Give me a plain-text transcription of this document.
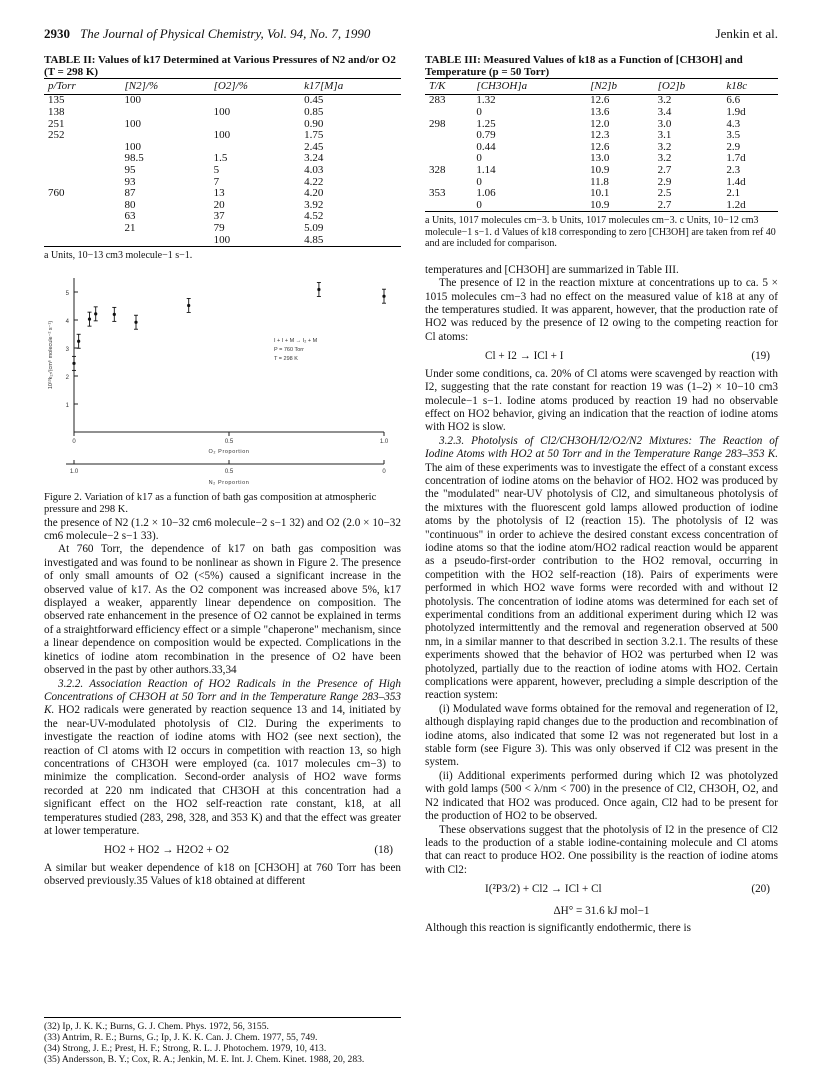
2930 The Journal of Physical Chemistry, Vol. 94, No. 7, 1990	Jenkin et al.
TABLE II: Values of k17 Determined at Various Pressures of N2 and/or O2 (T = 298 K)
p/Torr	[N2]/%	[O2]/%	k17[M]a
135	100		0.45
138		100	0.85
251	100		0.90
252		100	1.75
	100		2.45
	98.5	1.5	3.24
	95	5	4.03
	93	7	4.22
760	87	13	4.20
	80	20	3.92
	63	37	4.52
	21	79	5.09
		100	4.85
a Units, 10−13 cm3 molecule−1 s−1.
5
4
3
2
1
10¹³k₁₇/(cm⁶ molecule⁻² s⁻¹)
0	0.5	1.0
O₂ Proportion
1.0	0.5	0
N₂ Proportion
I + I + M → I₂ + M
P = 760 Torr
T = 298 K
Figure 2. Variation of k17 as a function of bath gas composition at atmospheric pressure and 298 K.

the presence of N2 (1.2 × 10−32 cm6 molecule−2 s−1 32) and O2 (2.0 × 10−32 cm6 molecule−2 s−1 33).

At 760 Torr, the dependence of k17 on bath gas composition was investigated and was found to be nonlinear as shown in Figure 2. The presence of only small amounts of O2 (<5%) caused a significant increase in the observed value of k17. As the O2 component was increased above 5%, k17 displayed a weaker, apparently linear dependence on composition. The observed rate enhancement in the presence of O2 cannot be explained in terms of a straightforward efficiency effect or a simple "chaperone" mechanism, since a linear dependence on composition would be expected. Complications in the kinetics of iodine atom recombination in the presence of O2 have been observed in the past by other authors.33,34

3.2.2. Association Reaction of HO2 Radicals in the Presence of High Concentrations of CH3OH at 50 Torr and in the Temperature Range 283–353 K. HO2 radicals were generated by reaction sequence 13 and 14, initiated by the near-UV-modulated photolysis of Cl2. During the experiments to investigate the reaction of iodine atoms with HO2 (see next section), the reaction of Cl atoms with I2 occurs in competition with reaction 13, so high concentrations of CH3OH were employed (ca. 1017 molecules cm−3) to minimize the complication. Second-order analysis of HO2 wave forms recorded at 220 nm indicated that CH3OH at this concentration had a significant effect on the HO2 self-reaction rate constant, k18, at all temperatures studied (283, 298, 328, and 353 K) and that the effect was greater at lower temperature.

HO2 + HO2 → H2O2 + O2	(18)

A similar but weaker dependence of k18 on [CH3OH] at 760 Torr has been observed previously.35 Values of k18 obtained at different

(32) Ip, J. K. K.; Burns, G. J. Chem. Phys. 1972, 56, 3155.
(33) Antrim, R. E.; Burns, G.; Ip, J. K. K. Can. J. Chem. 1977, 55, 749.
(34) Strong, J. E.; Prest, H. F.; Strong, R. L. J. Photochem. 1979, 10, 413.
(35) Andersson, B. Y.; Cox, R. A.; Jenkin, M. E. Int. J. Chem. Kinet. 1988, 20, 283.
TABLE III: Measured Values of k18 as a Function of [CH3OH] and Temperature (p = 50 Torr)
T/K	[CH3OH]a	[N2]b	[O2]b	k18c
283	1.32	12.6	3.2	6.6
	0	13.6	3.4	1.9d
298	1.25	12.0	3.0	4.3
	0.79	12.3	3.1	3.5
	0.44	12.6	3.2	2.9
	0	13.0	3.2	1.7d
328	1.14	10.9	2.7	2.3
	0	11.8	2.9	1.4d
353	1.06	10.1	2.5	2.1
	0	10.9	2.7	1.2d
a Units, 1017 molecules cm−3. b Units, 1017 molecules cm−3. c Units, 10−12 cm3 molecule−1 s−1. d Values of k18 corresponding to zero [CH3OH] are taken from ref 40 and are included for comparison.

temperatures and [CH3OH] are summarized in Table III.

The presence of I2 in the reaction mixture at concentrations up to ca. 5 × 1015 molecules cm−3 had no effect on the measured value of k18 at any of the temperatures studied. It was apparent, however, that the production rate of HO2 was reduced by the presence of I2 owing to the competing reaction for Cl atoms:

Cl + I2 → ICl + I	(19)

Under some conditions, ca. 20% of Cl atoms were scavenged by reaction with I2, suggesting that the rate constant for reaction 19 was (1–2) × 10−10 cm3 molecule−1 s−1. Iodine atoms produced by reaction 19 had no observable effect on HO2 behavior, giving an indication that the reaction of iodine atoms with HO2 is slow.

3.2.3. Photolysis of Cl2/CH3OH/I2/O2/N2 Mixtures: The Reaction of Iodine Atoms with HO2 at 50 Torr and in the Temperature Range 283–353 K. The aim of these experiments was to investigate the effect of a constant excess concentration of iodine atoms on the behavior of HO2. HO2 was produced by the "modulated" near-UV photolysis of Cl2, and simultaneous photolysis of the mixtures with the fluorescent gold lamps allowed production of iodine atoms by the photolysis of I2 (reaction 15). The photolysis of I2 was "continuous" in order to achieve the desired constant excess concentration of iodine atoms so that the iodine atom/HO2 radical reaction would be apparent as a pseudo-first-order contribution to the HO2 removal, occurring in competition with the HO2 self-reaction (18). Pairs of experiments were performed in which HO2 wave forms were recorded with and without I2 photolysis. The concentration of iodine atoms was determined for each set of experimental conditions from an additional experiment during which I2 was photolyzed intermittently and the removal and regeneration observed at 500 nm, in a similar manner to that described in section 3.2.1. The results of these experiments showed that the behavior of HO2 was perturbed when I2 was photolyzed, partially due to the reaction of iodine atoms with HO2. Certain complications were apparent, however, precluding a simple description of the reaction system:

(i) Modulated wave forms obtained for the removal and regeneration of I2, although displaying rapid changes due to the production and recombination of iodine atoms, also indicated that some I2 was not regenerated but lost in a stable form (see Figure 3). This was only observed if Cl2 was present in the system.

(ii) Additional experiments performed during which I2 was photolyzed with gold lamps (500 < λ/nm < 700) in the presence of Cl2, CH3OH, O2, and N2 indicated that HO2 was produced. Once again, Cl2 had to be present for the production of HO2 to be observed.

These observations suggest that the photolysis of I2 in the presence of Cl2 leads to the production of a stable iodine-containing molecule and Cl atoms that can react to produce HO2. One possibility is the reaction of iodine atoms with Cl2:

I(²P3/2) + Cl2 → ICl + Cl	(20)
ΔH° = 31.6 kJ mol−1

Although this reaction is significantly endothermic, there is
